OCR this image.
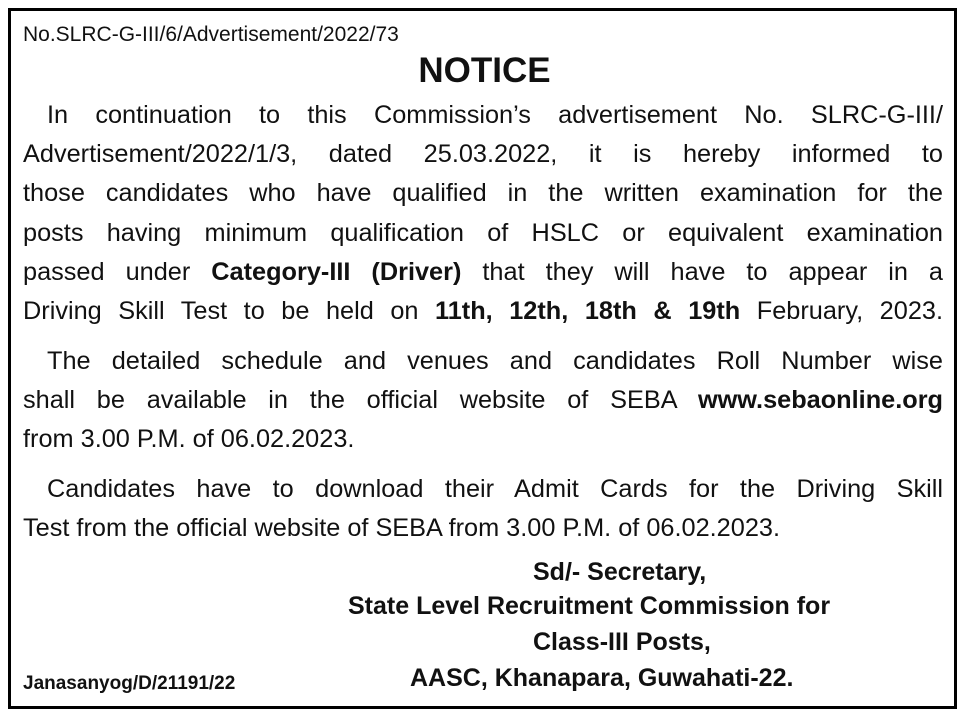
No.SLRC-G-III/6/Advertisement/2022/73

NOTICE
In continuation to this Commission’s advertisement No. SLRC-G-III/
Advertisement/2022/1/3, dated 25.03.2022, it is hereby informed to
those candidates who have qualified in the written examination for the
posts having minimum qualification of HSLC or equivalent examination
passed under Category-III (Driver) that they will have to appear in a
Driving Skill Test to be held on 11th, 12th, 18th & 19th February, 2023.
The detailed schedule and venues and candidates Roll Number wise
shall be available in the official website of SEBA www.sebaonline.org
from 3.00 P.M. of 06.02.2023.
Candidates have to download their Admit Cards for the Driving Skill
Test from the official website of SEBA from 3.00 P.M. of 06.02.2023.

Sd/- Secretary,

State Level Recruitment Commission for

Class-III Posts,

AASC, Khanapara, Guwahati-22.

Janasanyog/D/21191/22
